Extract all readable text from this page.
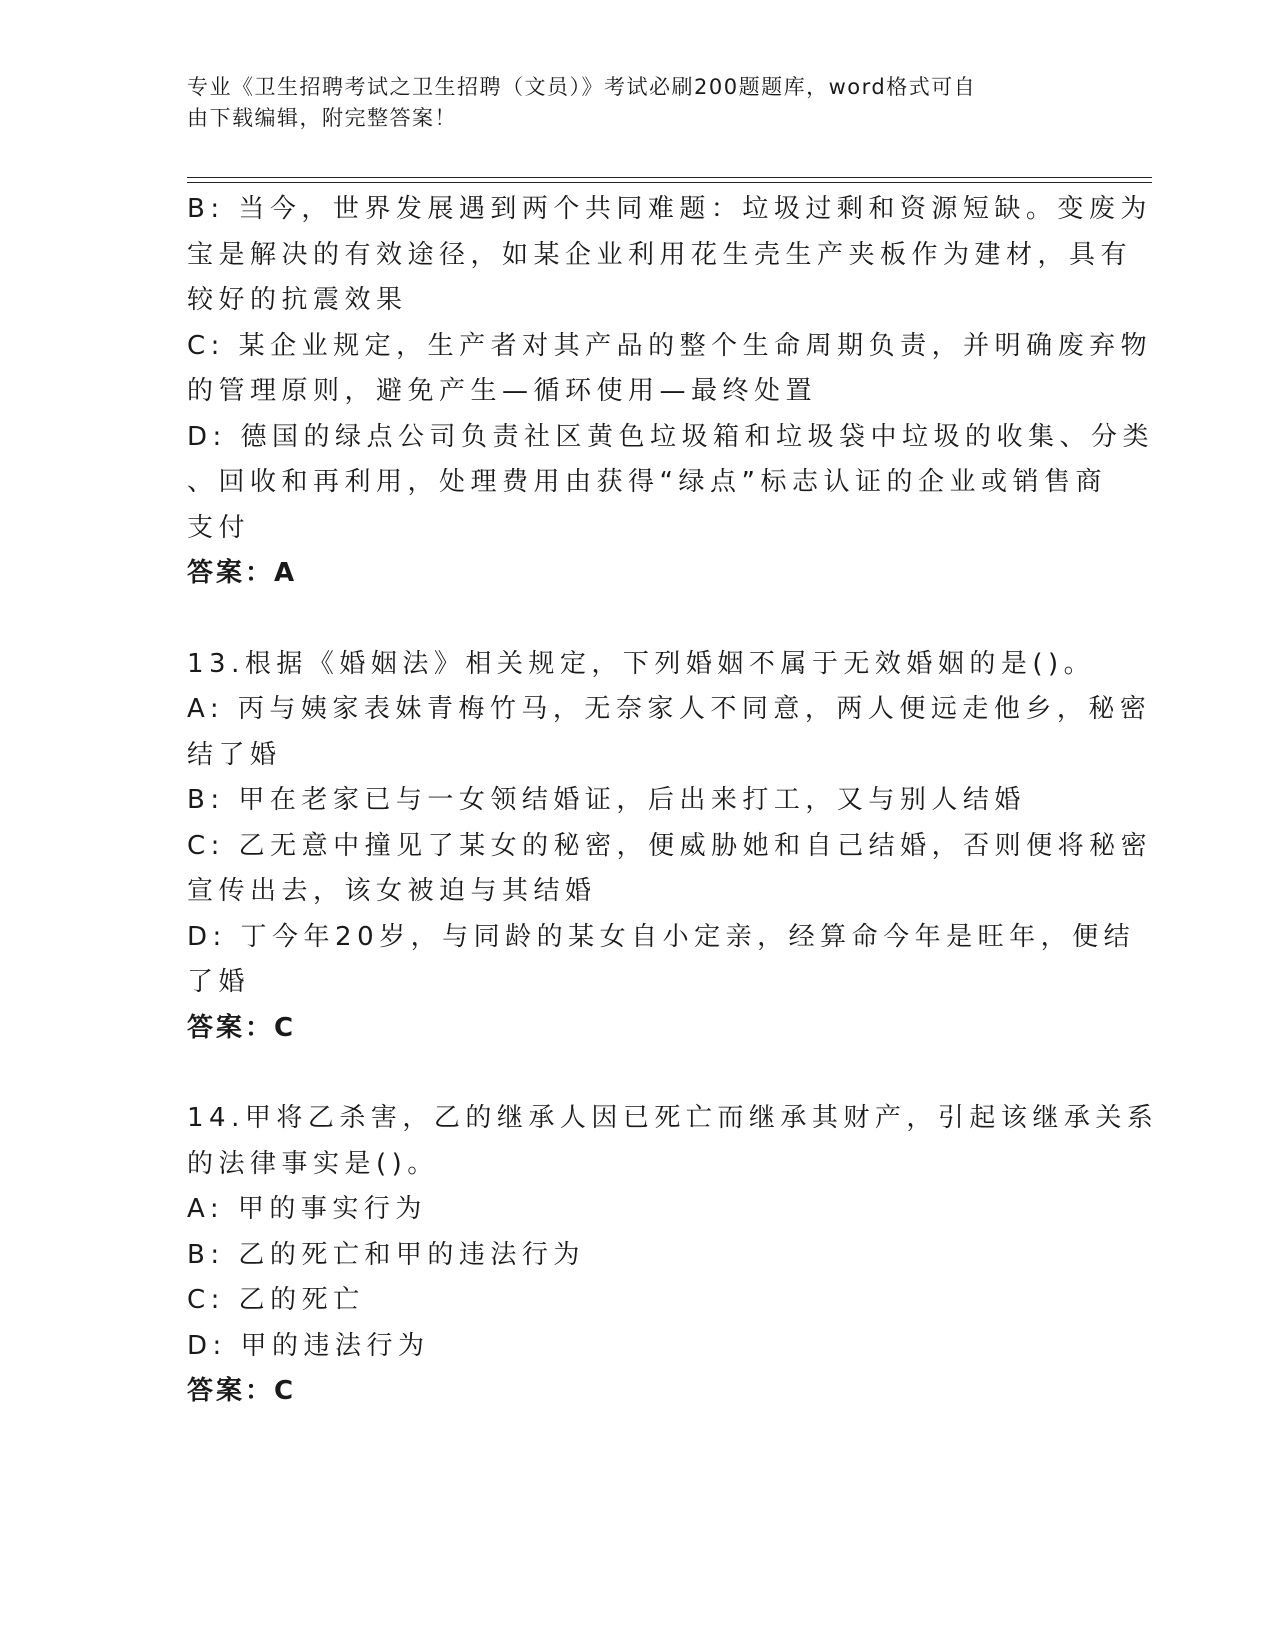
专业《卫生招聘考试之卫生招聘（文员）》考试必刷200题题库，word格式可自
由下载编辑，附完整答案！
B: 当今，世界发展遇到两个共同难题：垃圾过剩和资源短缺。变废为
宝是解决的有效途径，如某企业利用花生壳生产夹板作为建材，具有
较好的抗震效果
C: 某企业规定，生产者对其产品的整个生命周期负责，并明确废弃物
的管理原则，避免产生—循环使用—最终处置
D: 德国的绿点公司负责社区黄色垃圾箱和垃圾袋中垃圾的收集、分类
、回收和再利用，处理费用由获得“绿点”标志认证的企业或销售商
支付
答案：A
13.根据《婚姻法》相关规定，下列婚姻不属于无效婚姻的是()。
A: 丙与姨家表妹青梅竹马，无奈家人不同意，两人便远走他乡，秘密
结了婚
B: 甲在老家已与一女领结婚证，后出来打工，又与别人结婚
C: 乙无意中撞见了某女的秘密，便威胁她和自己结婚，否则便将秘密
宣传出去，该女被迫与其结婚
D: 丁今年20岁，与同龄的某女自小定亲，经算命今年是旺年，便结
了婚
答案：C
14.甲将乙杀害，乙的继承人因已死亡而继承其财产，引起该继承关系
的法律事实是()。
A: 甲的事实行为
B: 乙的死亡和甲的违法行为
C: 乙的死亡
D: 甲的违法行为
答案：C
